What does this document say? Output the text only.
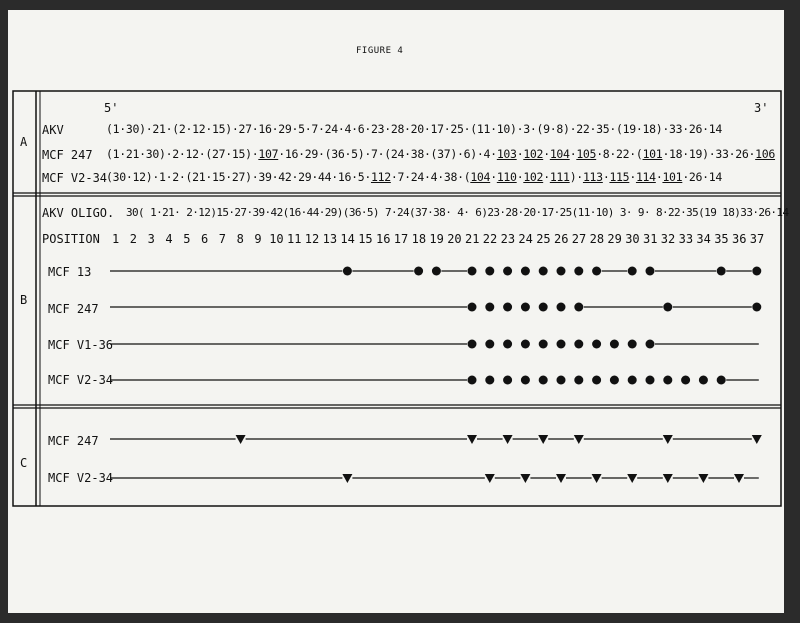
FIGURE 4
A
B
C
5'	3'
AKV	(1·30)·21·(2·12·15)·27·16·29·5·7·24·4·6·23·28·20·17·25·(11·10)·3·(9·8)·22·35·(19·18)·33·26·14
MCF 247 (1·21·30)·2·12·(27·15)·107·16·29·(36·5)·7·(24·38·(37)·6)·4·103·102·104·105·8·22·(101·18·19)·33·26·106
MCF V2-34
(30·12)·1·2·(21·15·27)·39·42·29·44·16·5·112·7·24·4·38·(104·110·102·111)·113·115·114·101·26·14
AKV OLIGO. 30( 1·21· 2·12)15·27·39·42(16·44·29)(36·5) 7·24(37·38· 4· 6)23·28·20·17·25(11·10) 3· 9· 8·22·35(19 18)33·26·14
POSITION 1 2 3 4 5 6 7 8 9 10 11 12 13 14 15 16 17 18 19 20 21 22 23 24 25 26 27 28 29 30 31 32 33 34 35 36 37
MCF 13
MCF 247
MCF V1-36
MCF V2-34
MCF 247
MCF V2-34
